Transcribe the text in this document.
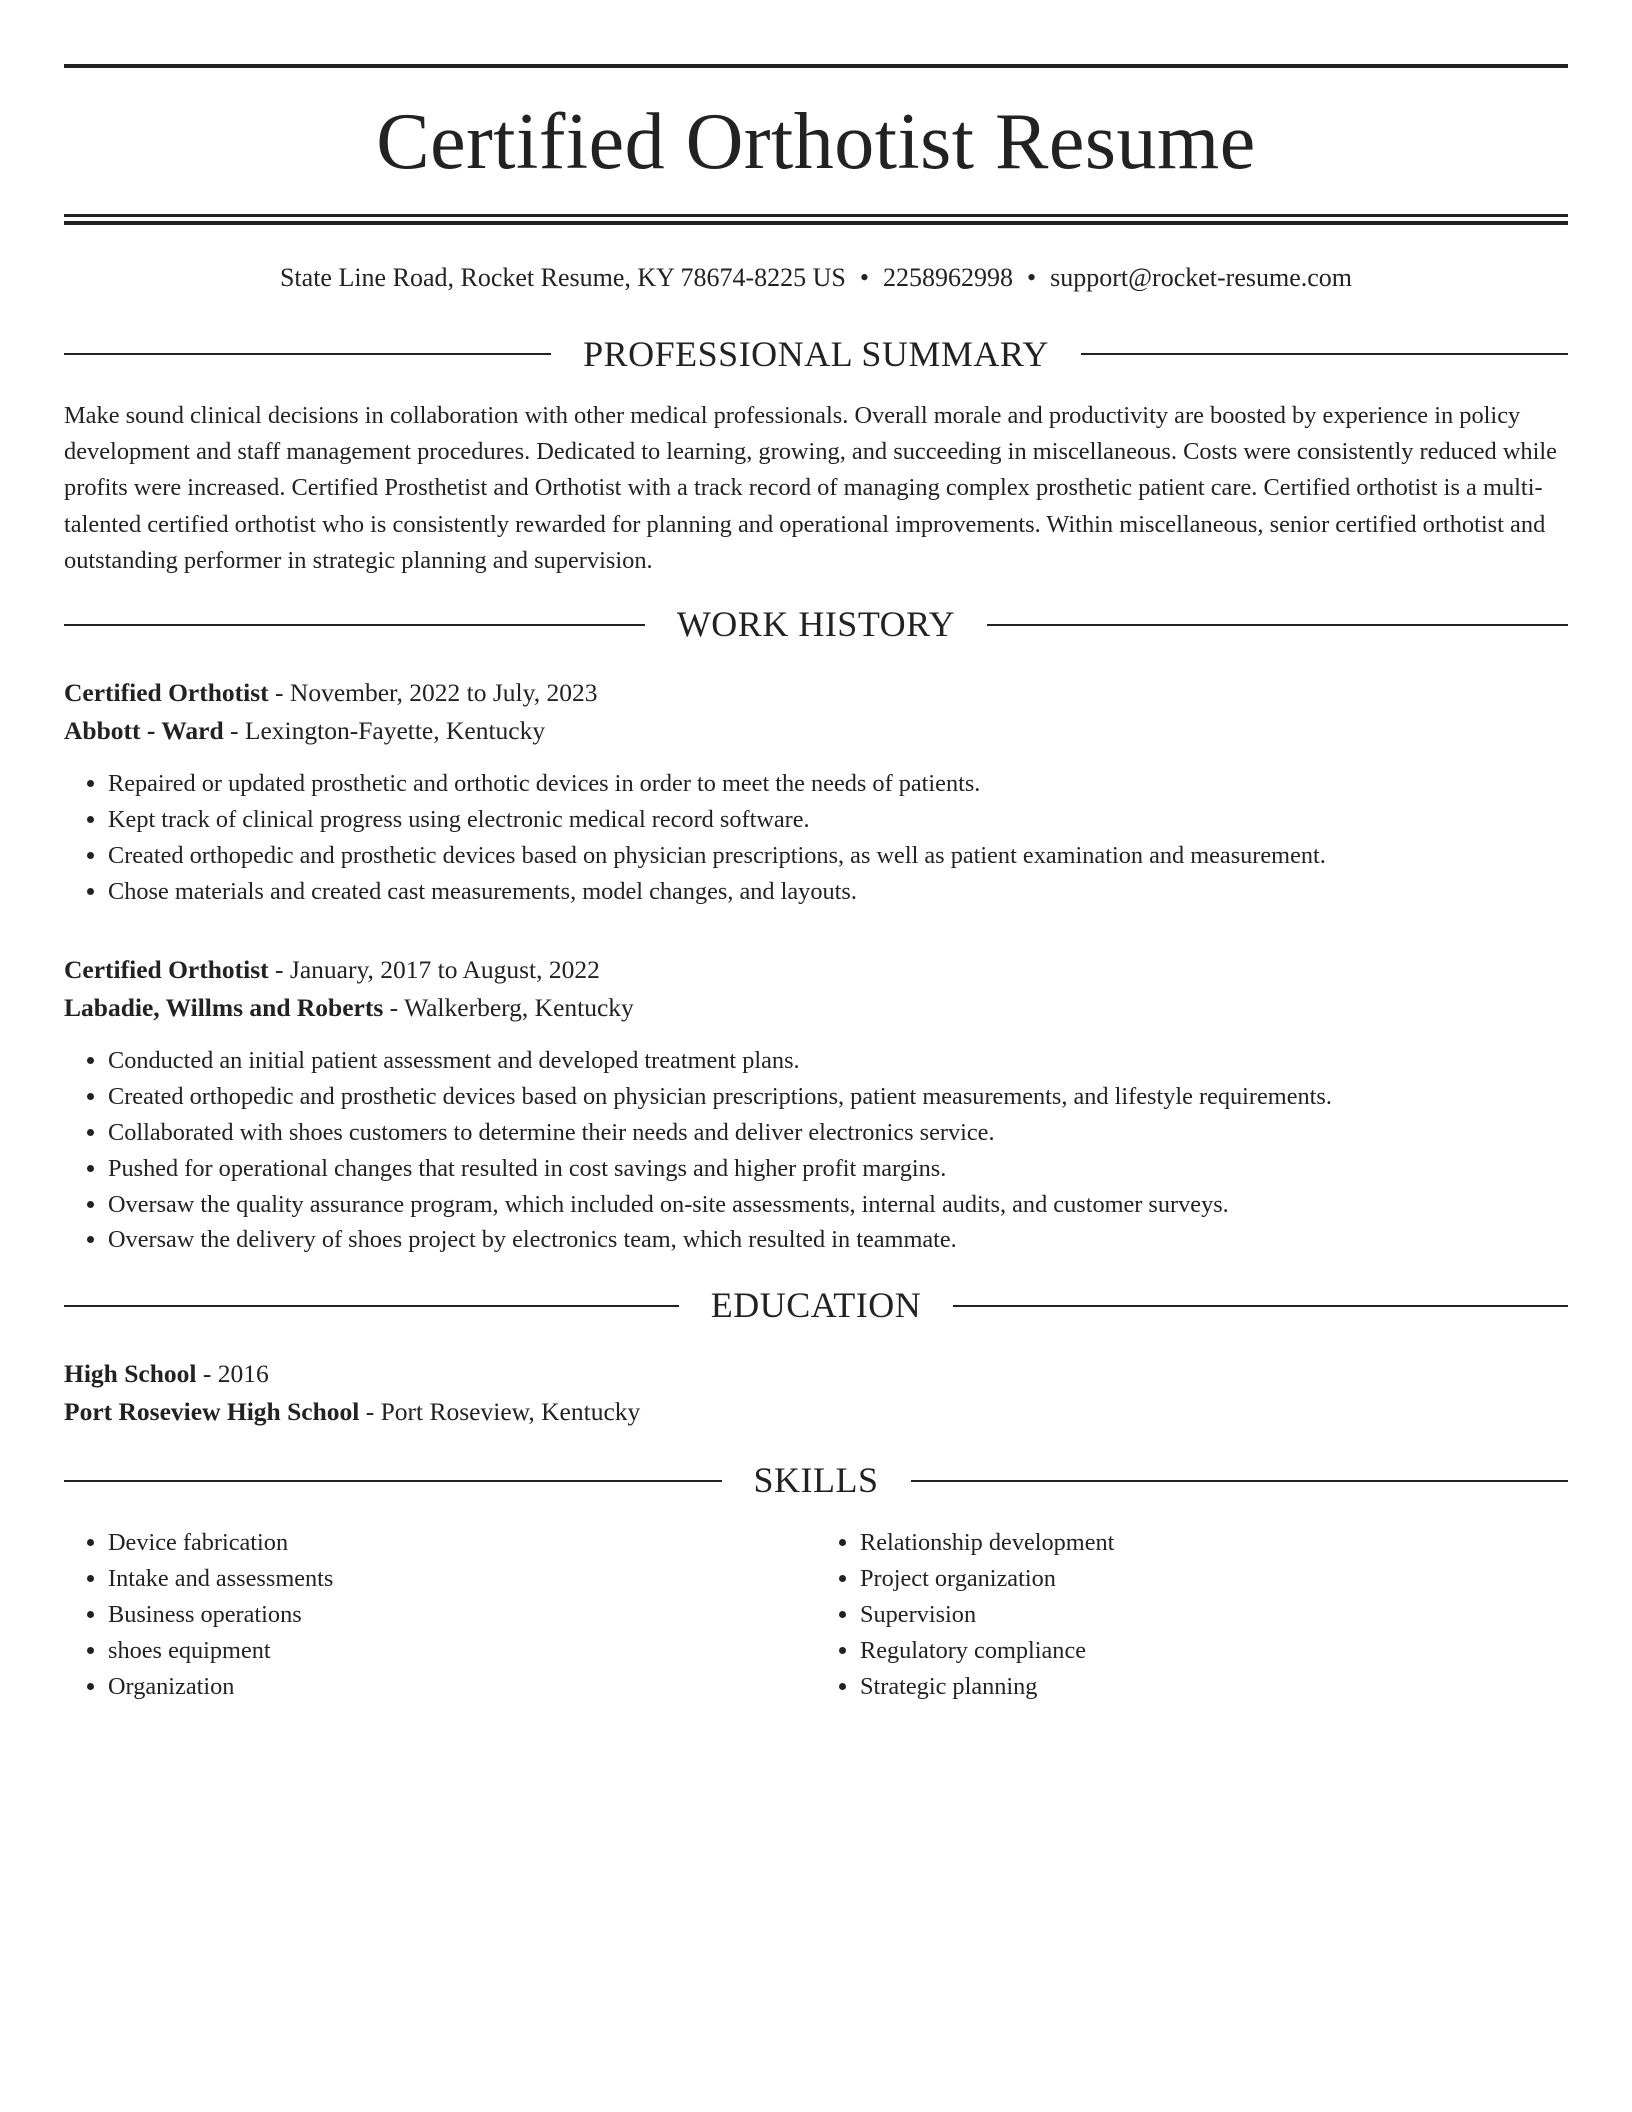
Certified Orthotist Resume
State Line Road, Rocket Resume, KY 78674-8225 US • 2258962998 • support@rocket-resume.com
PROFESSIONAL SUMMARY
Make sound clinical decisions in collaboration with other medical professionals. Overall morale and productivity are boosted by experience in policy development and staff management procedures. Dedicated to learning, growing, and succeeding in miscellaneous. Costs were consistently reduced while profits were increased. Certified Prosthetist and Orthotist with a track record of managing complex prosthetic patient care. Certified orthotist is a multi-talented certified orthotist who is consistently rewarded for planning and operational improvements. Within miscellaneous, senior certified orthotist and outstanding performer in strategic planning and supervision.
WORK HISTORY
Certified Orthotist - November, 2022 to July, 2023
Abbott - Ward - Lexington-Fayette, Kentucky
• Repaired or updated prosthetic and orthotic devices in order to meet the needs of patients.
• Kept track of clinical progress using electronic medical record software.
• Created orthopedic and prosthetic devices based on physician prescriptions, as well as patient examination and measurement.
• Chose materials and created cast measurements, model changes, and layouts.
Certified Orthotist - January, 2017 to August, 2022
Labadie, Willms and Roberts - Walkerberg, Kentucky
• Conducted an initial patient assessment and developed treatment plans.
• Created orthopedic and prosthetic devices based on physician prescriptions, patient measurements, and lifestyle requirements.
• Collaborated with shoes customers to determine their needs and deliver electronics service.
• Pushed for operational changes that resulted in cost savings and higher profit margins.
• Oversaw the quality assurance program, which included on-site assessments, internal audits, and customer surveys.
• Oversaw the delivery of shoes project by electronics team, which resulted in teammate.
EDUCATION
High School - 2016
Port Roseview High School - Port Roseview, Kentucky
SKILLS
• Device fabrication
• Intake and assessments
• Business operations
• shoes equipment
• Organization
• Relationship development
• Project organization
• Supervision
• Regulatory compliance
• Strategic planning
